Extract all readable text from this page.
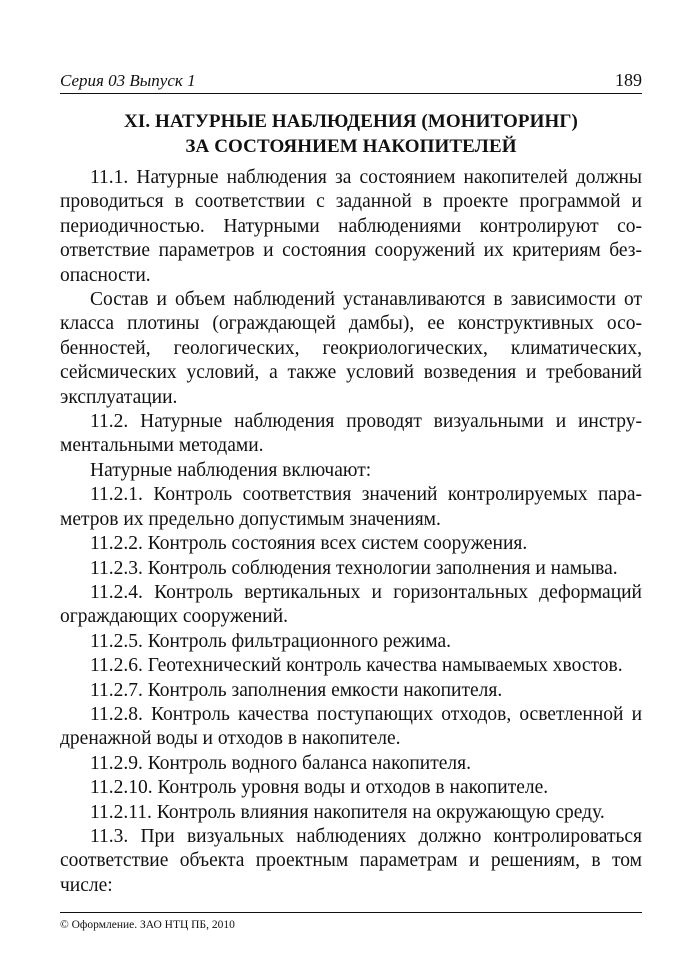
Серия 03 Выпуск 1	189
XI. НАТУРНЫЕ НАБЛЮДЕНИЯ (МОНИТОРИНГ)
ЗА СОСТОЯНИЕМ НАКОПИТЕЛЕЙ

11.1. Натурные наблюдения за состоянием накопителей должны проводиться в соответствии с заданной в проекте программой и периодичностью. Натурными наблюдениями контролируют соответствие параметров и состояния сооружений их критериям безопасности.

Состав и объем наблюдений устанавливаются в зависимости от класса плотины (ограждающей дамбы), ее конструктивных особенностей, геологических, геокриологических, климатических, сейсмических условий, а также условий возведения и требований эксплуатации.

11.2. Натурные наблюдения проводят визуальными и инструментальными методами.

Натурные наблюдения включают:

11.2.1. Контроль соответствия значений контролируемых параметров их предельно допустимым значениям.

11.2.2. Контроль состояния всех систем сооружения.

11.2.3. Контроль соблюдения технологии заполнения и намыва.

11.2.4. Контроль вертикальных и горизонтальных деформаций ограждающих сооружений.

11.2.5. Контроль фильтрационного режима.

11.2.6. Геотехнический контроль качества намываемых хвостов.

11.2.7. Контроль заполнения емкости накопителя.

11.2.8. Контроль качества поступающих отходов, осветленной и дренажной воды и отходов в накопителе.

11.2.9. Контроль водного баланса накопителя.

11.2.10. Контроль уровня воды и отходов в накопителе.

11.2.11. Контроль влияния накопителя на окружающую среду.

11.3. При визуальных наблюдениях должно контролироваться соответствие объекта проектным параметрам и решениям, в том числе:

© Оформление. ЗАО НТЦ ПБ, 2010
